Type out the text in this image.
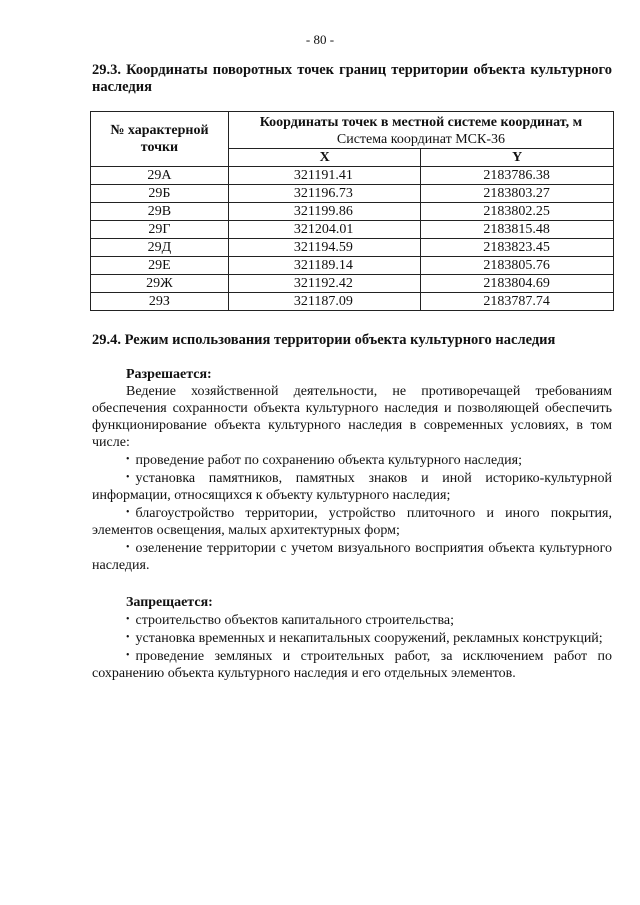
- 80 -
29.3. Координаты поворотных точек границ территории объекта культурного наследия
№ характерной точки	Координаты точек в местной системе координат, м
Система координат МСК-36	

	X	Y
29А	321191.41	2183786.38
29Б	321196.73	2183803.27
29В	321199.86	2183802.25
29Г	321204.01	2183815.48
29Д	321194.59	2183823.45
29Е	321189.14	2183805.76
29Ж	321192.42	2183804.69
29З	321187.09	2183787.74
29.4. Режим использования территории объекта культурного наследия

Разрешается:

Ведение хозяйственной деятельности, не противоречащей требованиям обеспечения сохранности объекта культурного наследия и позволяющей обеспечить функционирование объекта культурного наследия в современных условиях, в том числе:

• проведение работ по сохранению объекта культурного наследия;

• установка памятников, памятных знаков и иной историко-культурной информации, относящихся к объекту культурного наследия;

• благоустройство территории, устройство плиточного и иного покрытия, элементов освещения, малых архитектурных форм;

• озеленение территории с учетом визуального восприятия объекта культурного наследия.

Запрещается:

• строительство объектов капитального строительства;

• установка временных и некапитальных сооружений, рекламных конструкций;

• проведение земляных и строительных работ, за исключением работ по сохранению объекта культурного наследия и его отдельных элементов.
